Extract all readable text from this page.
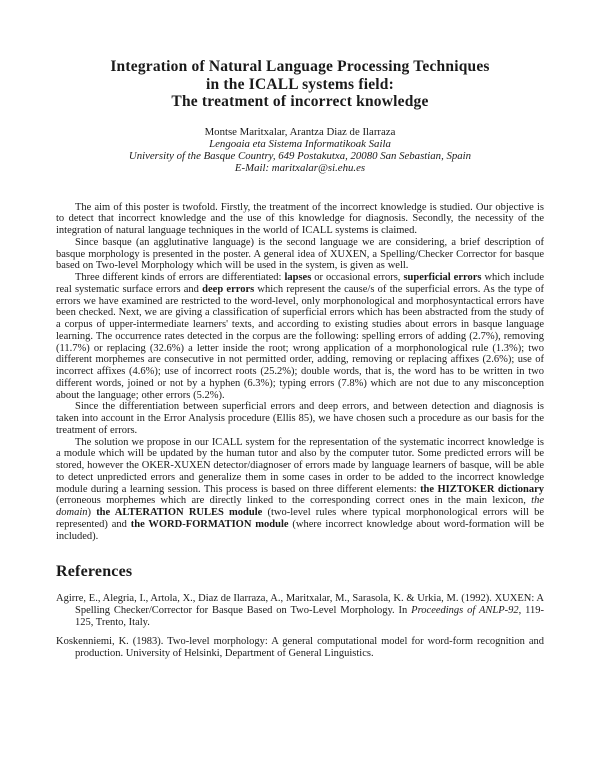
Integration of Natural Language Processing Techniques
in the ICALL systems field:
The treatment of incorrect knowledge
Montse Maritxalar, Arantza Diaz de Ilarraza
Lengoaia eta Sistema Informatikoak Saila
University of the Basque Country, 649 Postakutxa, 20080 San Sebastian, Spain
E-Mail: maritxalar@si.ehu.es

The aim of this poster is twofold. Firstly, the treatment of the incorrect knowledge is studied. Our objective is to detect that incorrect knowledge and the use of this knowledge for diagnosis. Secondly, the necessity of the integration of natural language techniques in the world of ICALL systems is claimed.

Since basque (an agglutinative language) is the second language we are considering, a brief description of basque morphology is presented in the poster. A general idea of XUXEN, a Spelling/Checker Corrector for basque based on Two-level Morphology which will be used in the system, is given as well.

Three different kinds of errors are differentiated: lapses or occasional errors, superficial errors which include real systematic surface errors and deep errors which represent the cause/s of the superficial errors. As the type of errors we have examined are restricted to the word-level, only morphonological and morphosyntactical errors have been checked. Next, we are giving a classification of superficial errors which has been abstracted from the study of a corpus of upper-intermediate learners' texts, and according to existing studies about errors in basque language learning. The occurrence rates detected in the corpus are the following: spelling errors of adding (2.7%), removing (11.7%) or replacing (32.6%) a letter inside the root; wrong application of a morphonological rule (1.3%); two different morphemes are consecutive in not permitted order, adding, removing or replacing affixes (2.6%); use of incorrect affixes (4.6%); use of incorrect roots (25.2%); double words, that is, the word has to be written in two different words, joined or not by a hyphen (6.3%); typing errors (7.8%) which are not due to any misconception about the language; other errors (5.2%).

Since the differentiation between superficial errors and deep errors, and between detection and diagnosis is taken into account in the Error Analysis procedure (Ellis 85), we have chosen such a procedure as our basis for the treatment of errors.

The solution we propose in our ICALL system for the representation of the systematic incorrect knowledge is a module which will be updated by the human tutor and also by the computer tutor. Some predicted errors will be stored, however the OKER-XUXEN detector/diagnoser of errors made by language learners of basque, will be able to detect unpredicted errors and generalize them in some cases in order to be added to the incorrect knowledge module during a learning session. This process is based on three different elements: the HIZTOKER dictionary (erroneous morphemes which are directly linked to the corresponding correct ones in the main lexicon, the domain) the ALTERATION RULES module (two-level rules where typical morphonological errors will be represented) and the WORD-FORMATION module (where incorrect knowledge about word-formation will be included).

References

Agirre, E., Alegria, I., Artola, X., Diaz de Ilarraza, A., Maritxalar, M., Sarasola, K. & Urkia, M. (1992). XUXEN: A Spelling Checker/Corrector for Basque Based on Two-Level Morphology. In Proceedings of ANLP-92, 119-125, Trento, Italy.

Koskenniemi, K. (1983). Two-level morphology: A general computational model for word-form recognition and production. University of Helsinki, Department of General Linguistics.
